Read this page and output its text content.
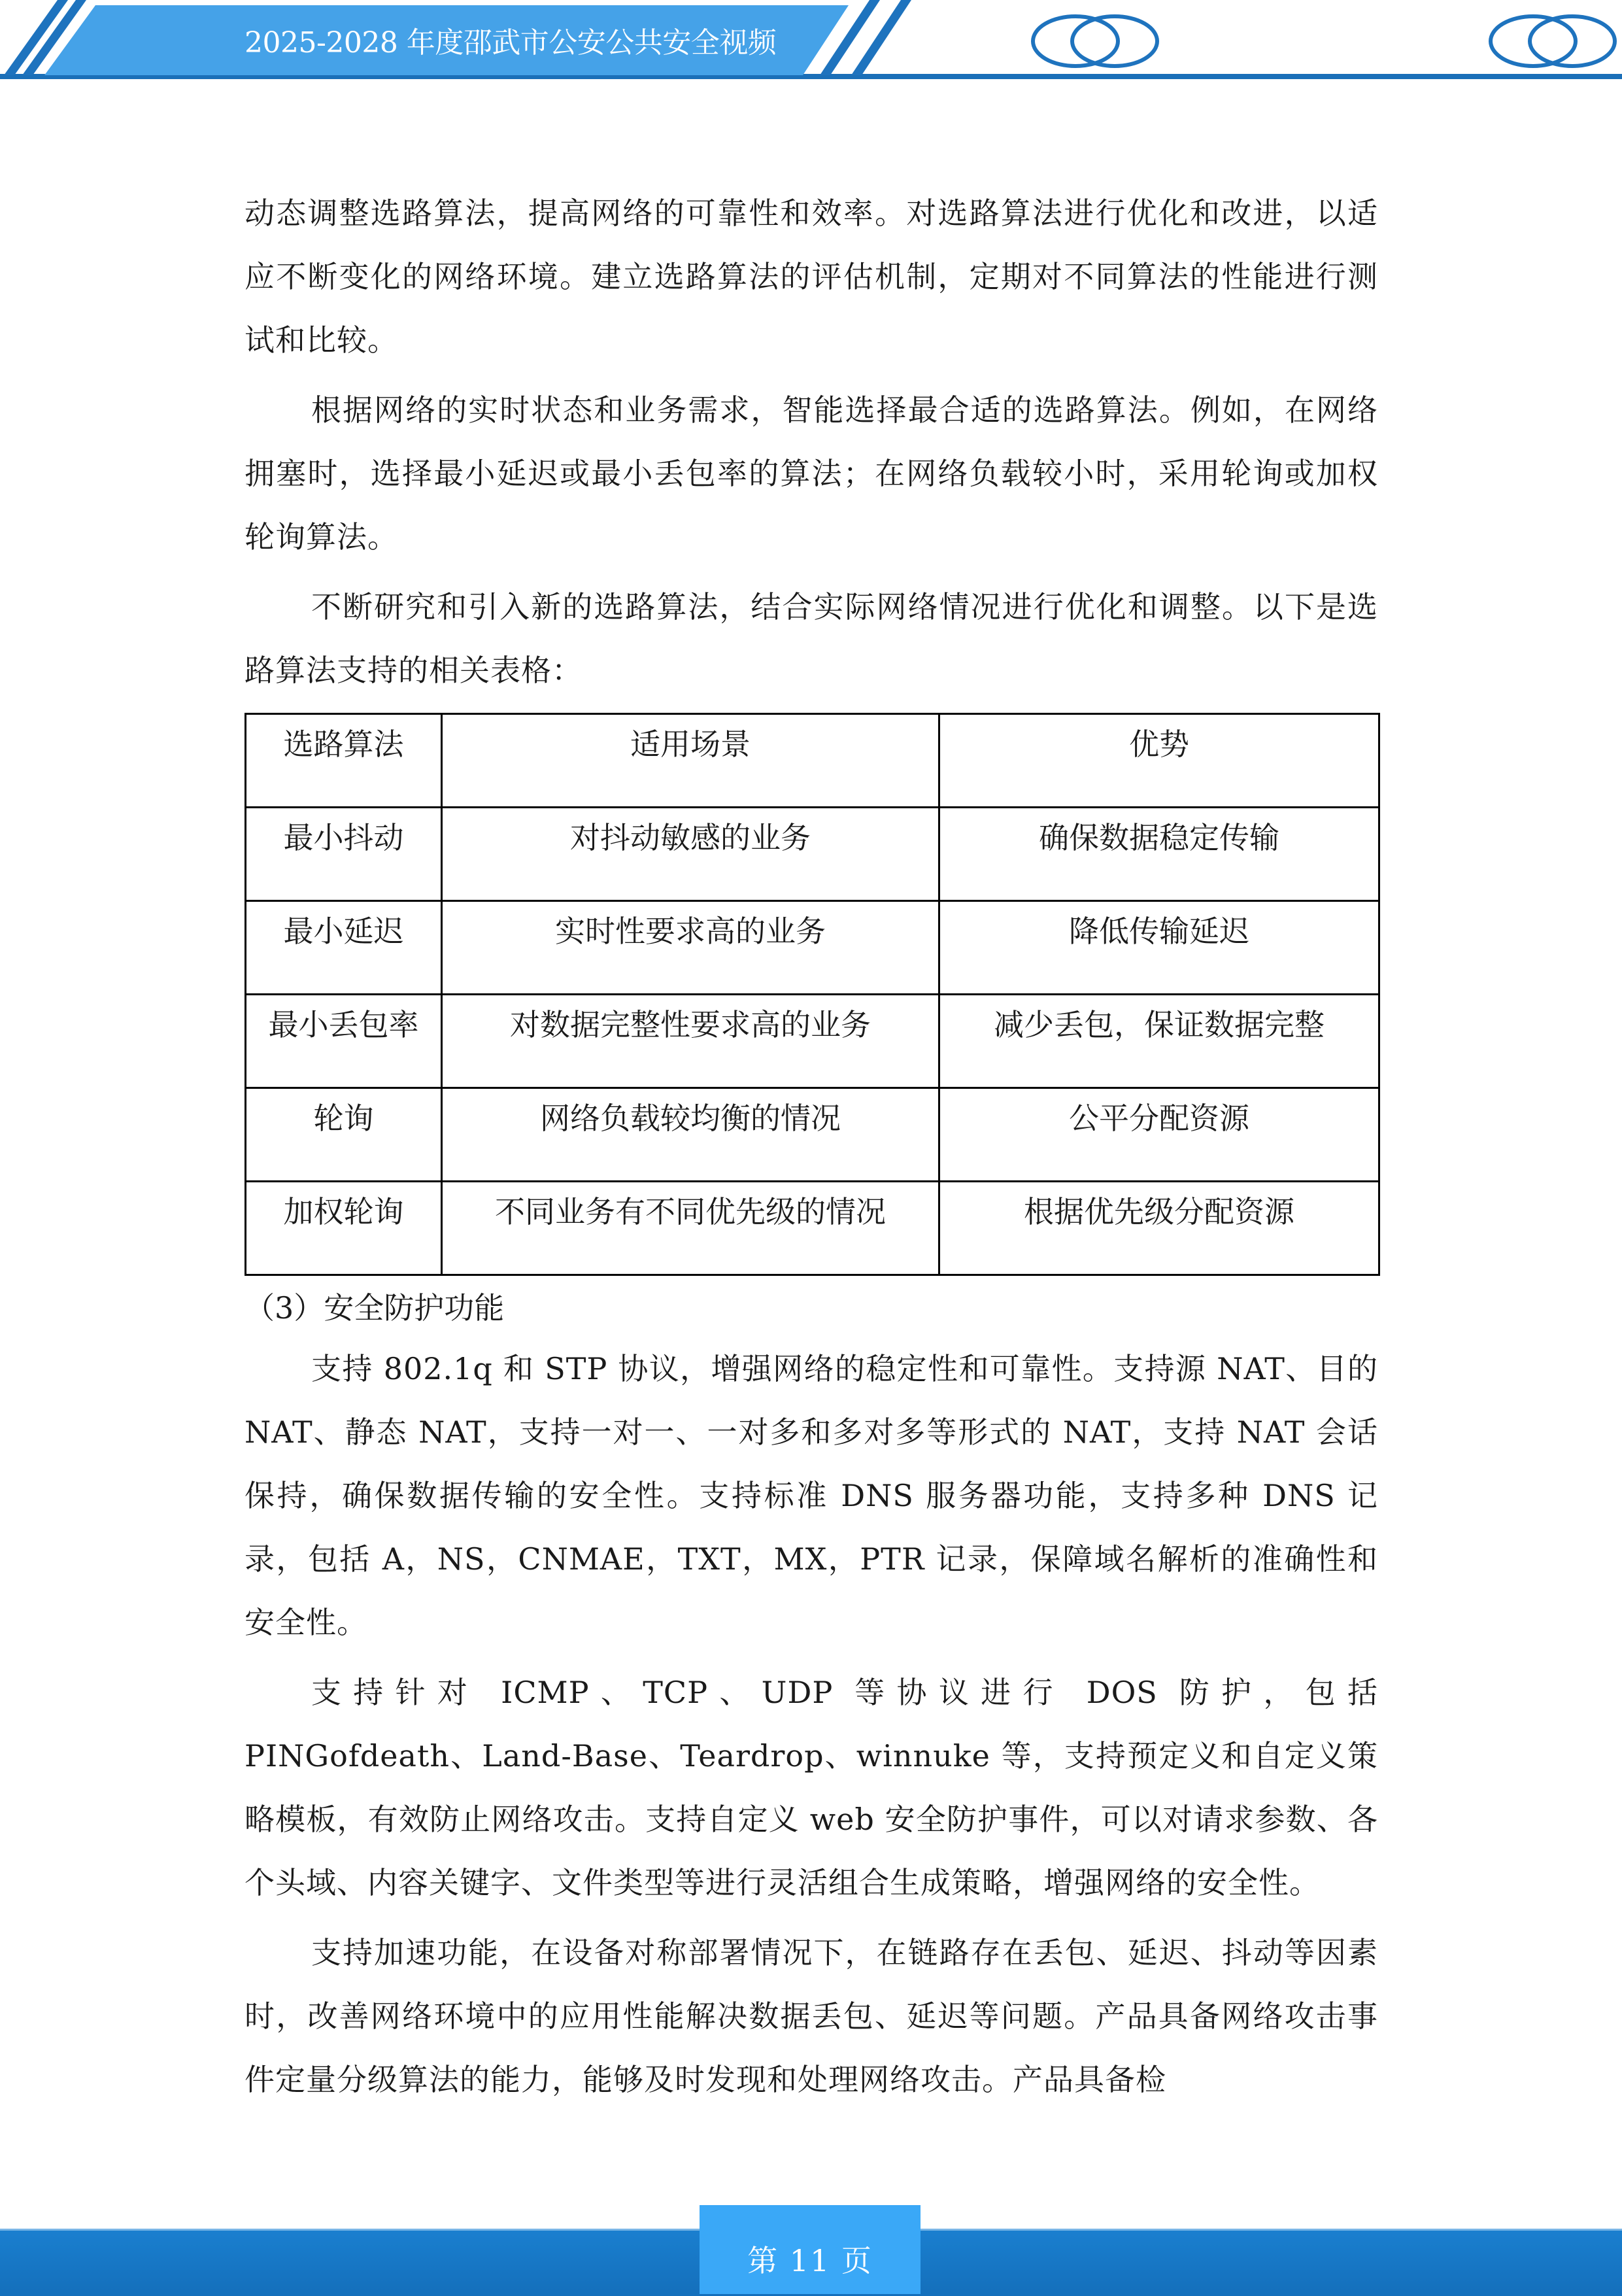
2025-2028 年度邵武市公安公共安全视频

动态调整选路算法，提高网络的可靠性和效率。对选路算法进行优化和改进，以适应不断变化的网络环境。建立选路算法的评估机制，定期对不同算法的性能进行测试和比较。

根据网络的实时状态和业务需求，智能选择最合适的选路算法。例如，在网络拥塞时，选择最小延迟或最小丢包率的算法；在网络负载较小时，采用轮询或加权轮询算法。

不断研究和引入新的选路算法，结合实际网络情况进行优化和调整。以下是选路算法支持的相关表格：

选路算法	适用场景	优势
最小抖动	对抖动敏感的业务	确保数据稳定传输
最小延迟	实时性要求高的业务	降低传输延迟
最小丢包率	对数据完整性要求高的业务	减少丢包，保证数据完整
轮询	网络负载较均衡的情况	公平分配资源
加权轮询	不同业务有不同优先级的情况	根据优先级分配资源

（3）安全防护功能

支持 802.1q 和 STP 协议，增强网络的稳定性和可靠性。支持源 NAT、目的 NAT、静态 NAT，支持一对一、一对多和多对多等形式的 NAT，支持 NAT 会话保持，确保数据传输的安全性。支持标准 DNS 服务器功能，支持多种 DNS 记录，包括 A，NS，CNMAE，TXT，MX，PTR 记录，保障域名解析的准确性和安全性。

支持针对 ICMP、TCP、UDP 等协议进行 DOS 防护，包括 PINGofdeath、Land-Base、Teardrop、winnuke 等，支持预定义和自定义策略模板，有效防止网络攻击。支持自定义 web 安全防护事件，可以对请求参数、各个头域、内容关键字、文件类型等进行灵活组合生成策略，增强网络的安全性。

支持加速功能，在设备对称部署情况下，在链路存在丢包、延迟、抖动等因素时，改善网络环境中的应用性能解决数据丢包、延迟等问题。产品具备网络攻击事件定量分级算法的能力，能够及时发现和处理网络攻击。产品具备检

第 11 页
